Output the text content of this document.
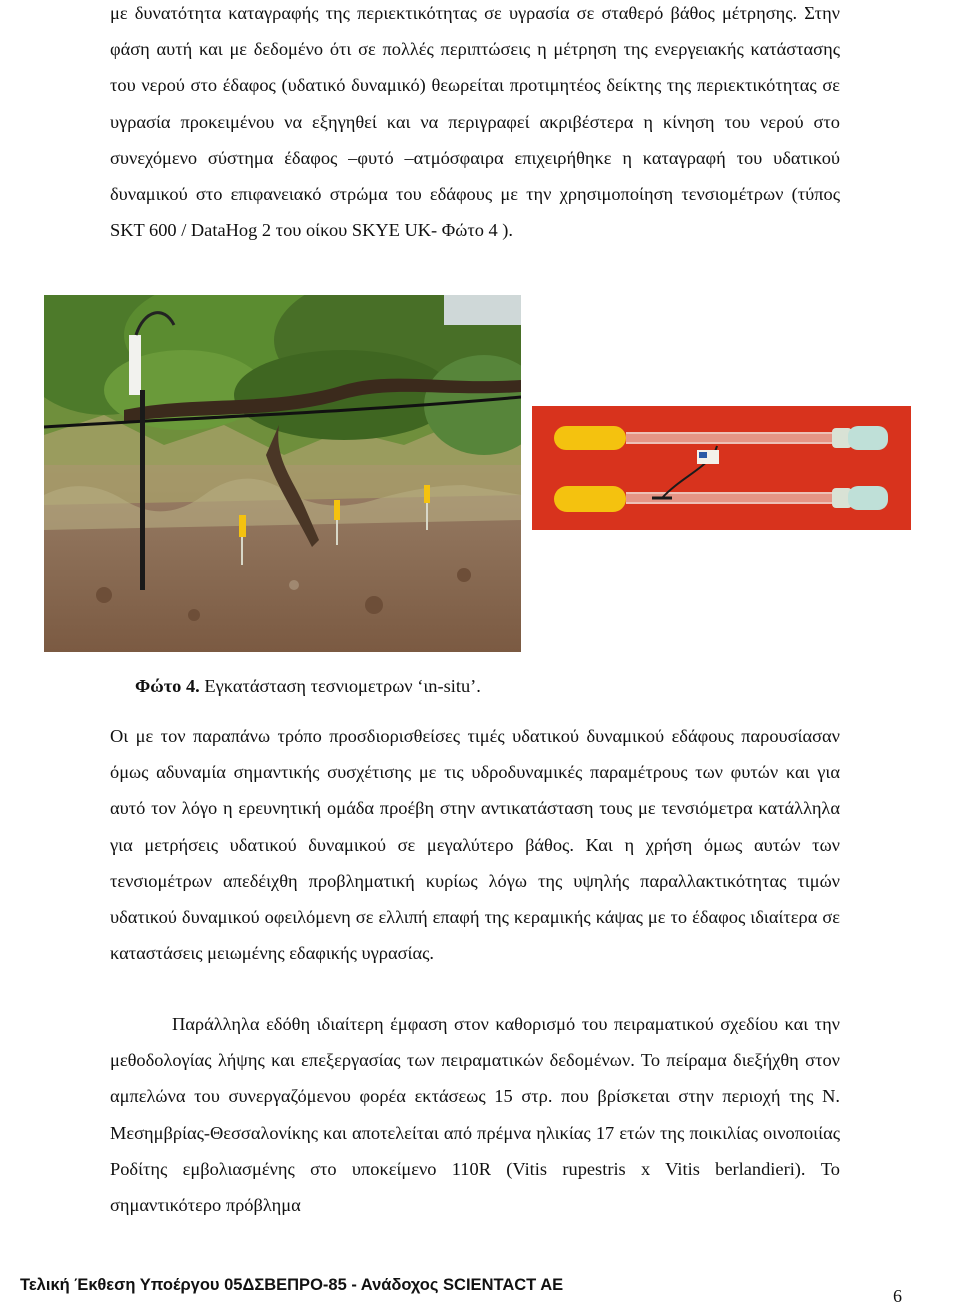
με δυνατότητα καταγραφής της περιεκτικότητας σε υγρασία σε σταθερό βάθος μέτρησης. Στην φάση αυτή και με δεδομένο ότι σε πολλές περιπτώσεις η μέτρηση της ενεργειακής κατάστασης του νερού στο έδαφος (υδατικό δυναμικό) θεωρείται προτιμητέος δείκτης της περιεκτικότητας σε υγρασία προκειμένου να εξηγηθεί και να περιγραφεί ακριβέστερα η κίνηση του νερού στο συνεχόμενο σύστημα έδαφος –φυτό –ατμόσφαιρα επιχειρήθηκε η καταγραφή του υδατικού δυναμικού στο επιφανειακό στρώμα του εδάφους με την χρησιμοποίηση τενσιομέτρων (τύπος SKT 600 / DataHog 2 του οίκου SKYE UK- Φώτο 4 ).
Φώτο 4. Εγκατάσταση τεσνιομετρων ‘ιn-situ’.
Οι με τον παραπάνω τρόπο προσδιορισθείσες τιμές υδατικού δυναμικού εδάφους παρουσίασαν όμως αδυναμία σημαντικής συσχέτισης με τις υδροδυναμικές παραμέτρους των φυτών και για αυτό τον λόγο η ερευνητική ομάδα προέβη στην αντικατάσταση τους με τενσιόμετρα κατάλληλα για μετρήσεις υδατικού δυναμικού σε μεγαλύτερο βάθος. Και η χρήση όμως αυτών των τενσιομέτρων απεδέιχθη προβληματική κυρίως λόγω της υψηλής παραλλακτικότητας τιμών υδατικού δυναμικού οφειλόμενη σε ελλιπή επαφή της κεραμικής κάψας με το έδαφος ιδιαίτερα σε καταστάσεις μειωμένης εδαφικής υγρασίας.
Παράλληλα εδόθη ιδιαίτερη έμφαση στον καθορισμό του πειραματικού σχεδίου και την μεθοδολογίας λήψης και επεξεργασίας των πειραματικών δεδομένων. Το πείραμα διεξήχθη στον αμπελώνα του συνεργαζόμενου φορέα εκτάσεως 15 στρ. που βρίσκεται στην περιοχή της Ν. Μεσημβρίας-Θεσσαλονίκης και αποτελείται από πρέμνα ηλικίας 17 ετών της ποικιλίας οινοποιίας Ροδίτης εμβολιασμένης στο υποκείμενο 110R (Vitis rupestris x Vitis berlandieri). Το σημαντικότερο πρόβλημα
Τελική Έκθεση Υποέργου 05ΔΣΒΕΠΡΟ-85 - Ανάδοχος SCIENTACT AE
6
